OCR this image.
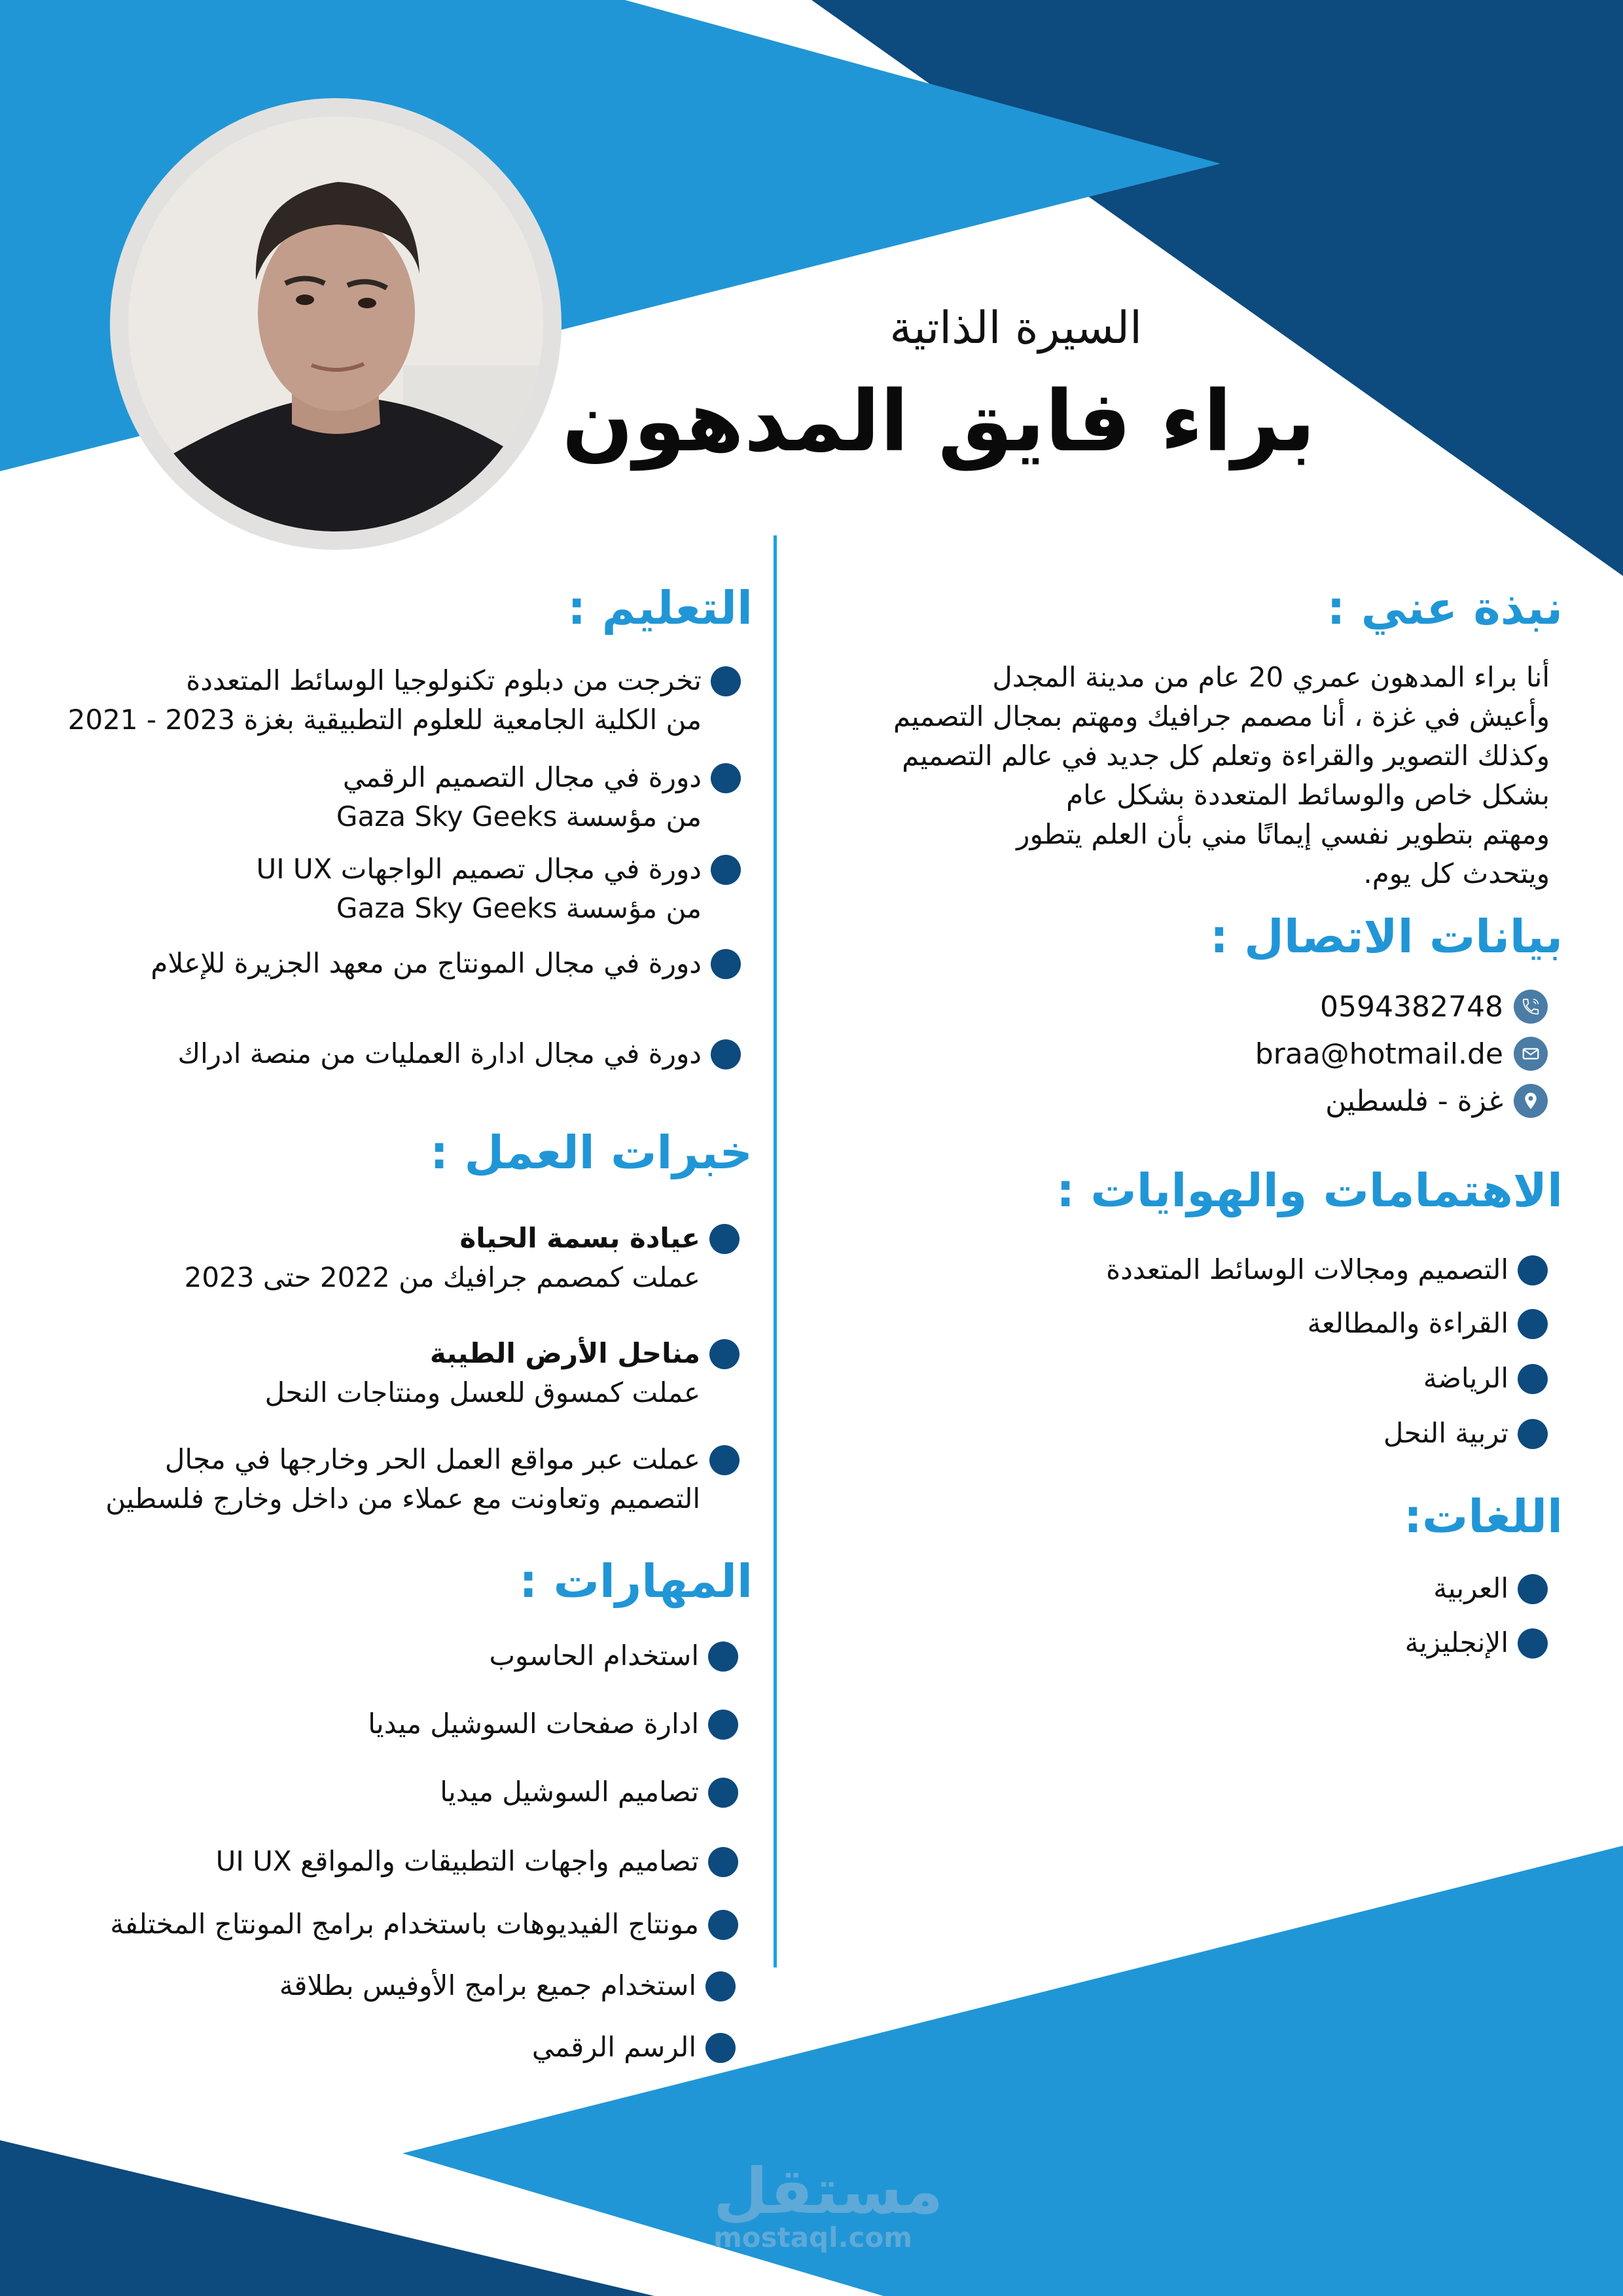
السيرة الذاتية
براء فايق المدهون
نبذة عني :
أنا براء المدهون عمري 20 عام من مدينة المجدل
وأعيش في غزة ، أنا مصمم جرافيك ومهتم بمجال التصميم
وكذلك التصوير والقراءة وتعلم كل جديد في عالم التصميم
بشكل خاص والوسائط المتعددة بشكل عام
ومهتم بتطوير نفسي إيمانًا مني بأن العلم يتطور
ويتحدث كل يوم.
بيانات الاتصال :
0594382748
braa@hotmail.de
غزة - فلسطين
الاهتمامات والهوايات :
التصميم ومجالات الوسائط المتعددة
القراءة والمطالعة
الرياضة
تربية النحل
اللغات:
العربية
الإنجليزية
التعليم :
تخرجت من دبلوم تكنولوجيا الوسائط المتعددة
من الكلية الجامعية للعلوم التطبيقية بغزة 2023 - 2021
دورة في مجال التصميم الرقمي
من مؤسسة Gaza Sky Geeks
دورة في مجال تصميم الواجهات UI UX
من مؤسسة Gaza Sky Geeks
دورة في مجال المونتاج من معهد الجزيرة للإعلام
دورة في مجال ادارة العمليات من منصة ادراك
خبرات العمل :
عيادة بسمة الحياة
عملت كمصمم جرافيك من 2022 حتى 2023
مناحل الأرض الطيبة
عملت كمسوق للعسل ومنتاجات النحل
عملت عبر مواقع العمل الحر وخارجها في مجال
التصميم وتعاونت مع عملاء من داخل وخارج فلسطين
المهارات :
استخدام الحاسوب
ادارة صفحات السوشيل ميديا
تصاميم السوشيل ميديا
تصاميم واجهات التطبيقات والمواقع UI UX
مونتاج الفيديوهات باستخدام برامج المونتاج المختلفة
استخدام جميع برامج الأوفيس بطلاقة
الرسم الرقمي
مستقل
mostaql.com
